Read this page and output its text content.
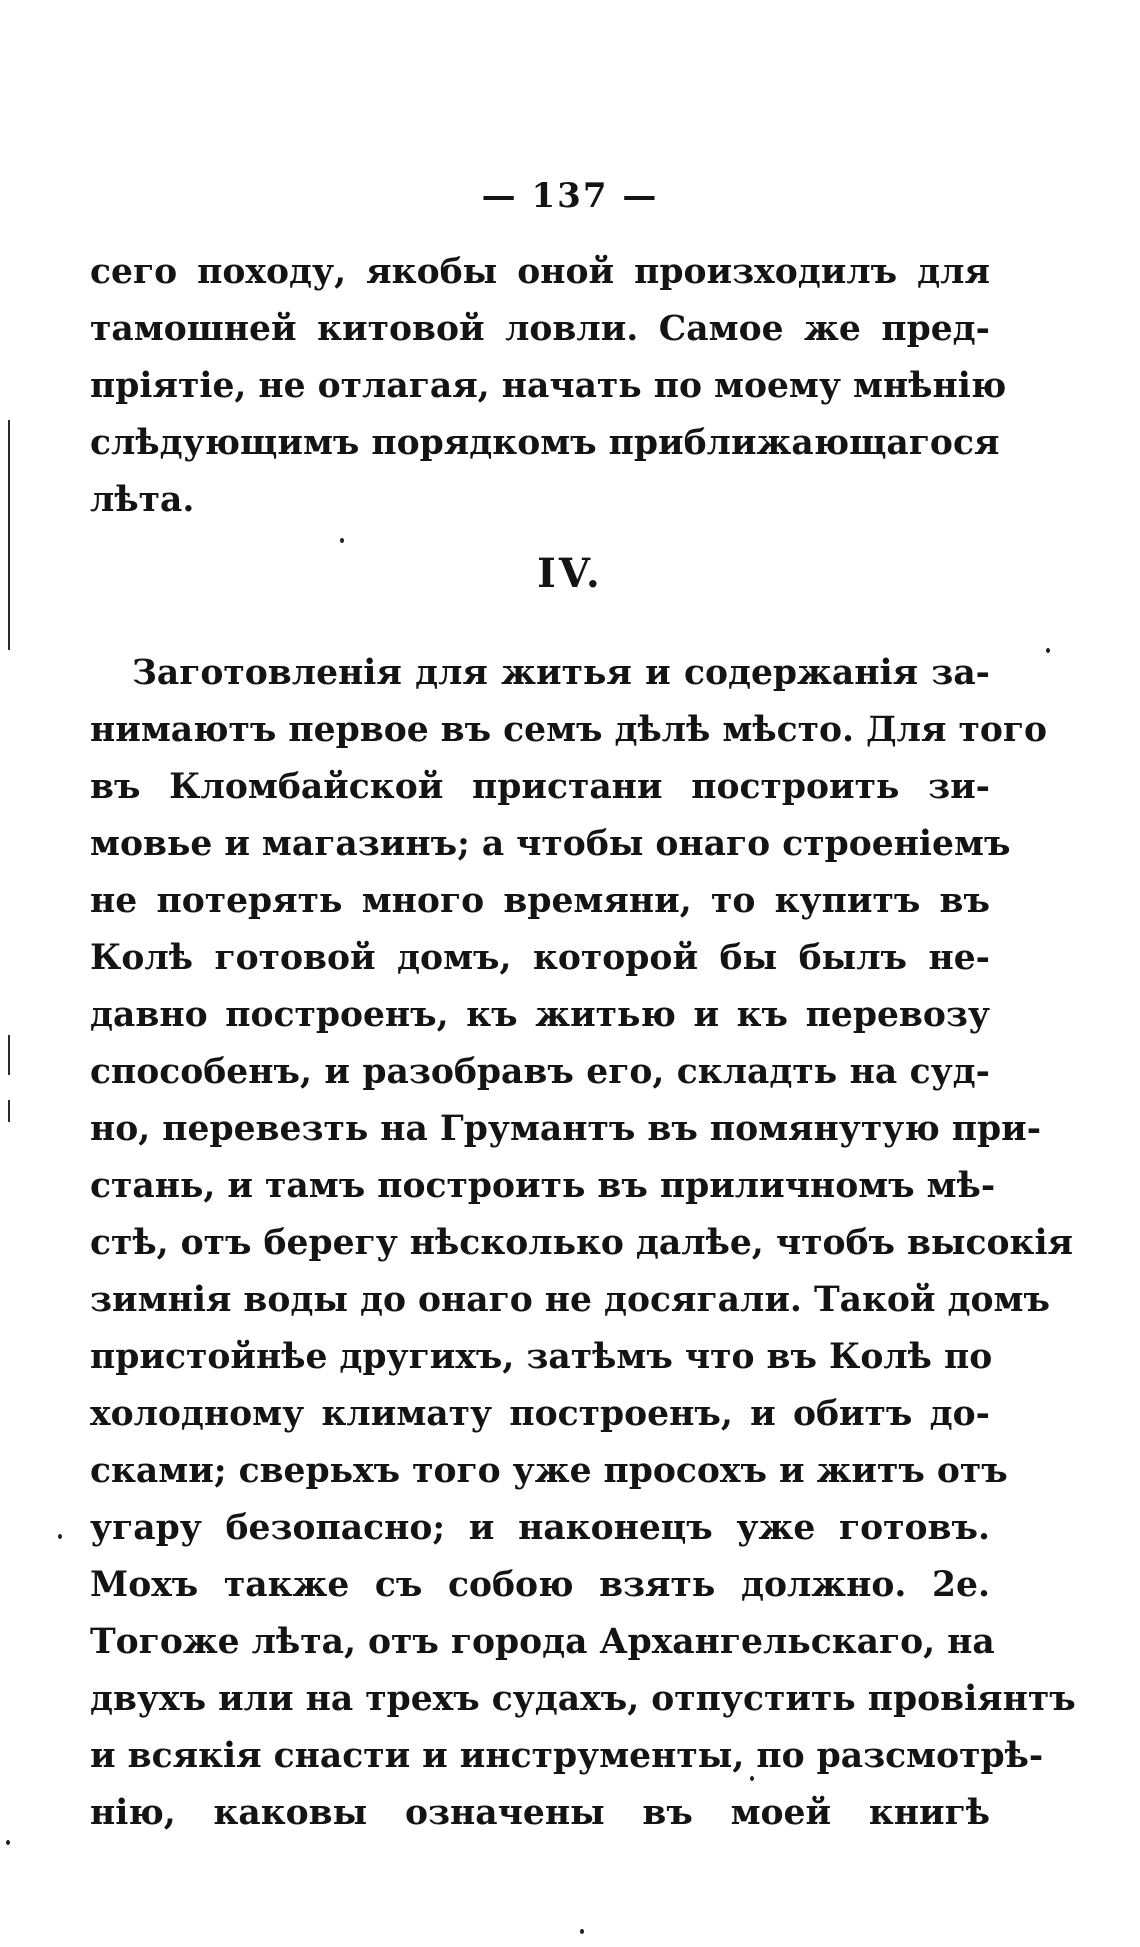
— 137 —
сего походу, якобы оной произходилъ для
тамошней китовой ловли. Самое же пред-
пріятіе, не отлагая, начать по моему мнѣнію
слѣдующимъ порядкомъ приближающагося
лѣта.
IV.
Заготовленія для житья и содержанія за-
нимаютъ первое въ семъ дѣлѣ мѣсто. Для того
въ Кломбайской пристани построить зи-
мовье и магазинъ; а чтобы онаго строеніемъ
не потерять много времяни, то купитъ въ
Колѣ готовой домъ, которой бы былъ не-
давно построенъ, къ житью и къ перевозу
способенъ, и разобравъ его, складть на суд-
но, перевезть на Грумантъ въ помянутую при-
стань, и тамъ построить въ приличномъ мѣ-
стѣ, отъ берегу нѣсколько далѣе, чтобъ высокія
зимнія воды до онаго не досягали. Такой домъ
пристойнѣе другихъ, затѣмъ что въ Колѣ по
холодному климату построенъ, и обитъ до-
сками; сверьхъ того уже просохъ и житъ отъ
угару безопасно; и наконецъ уже готовъ.
Мохъ также съ собою взять должно. 2е.
Тогоже лѣта, отъ города Архангельскаго, на
двухъ или на трехъ судахъ, отпустить провіянтъ
и всякія снасти и инструменты, по разсмотрѣ-
нію, каковы означены въ моей книгѣ
